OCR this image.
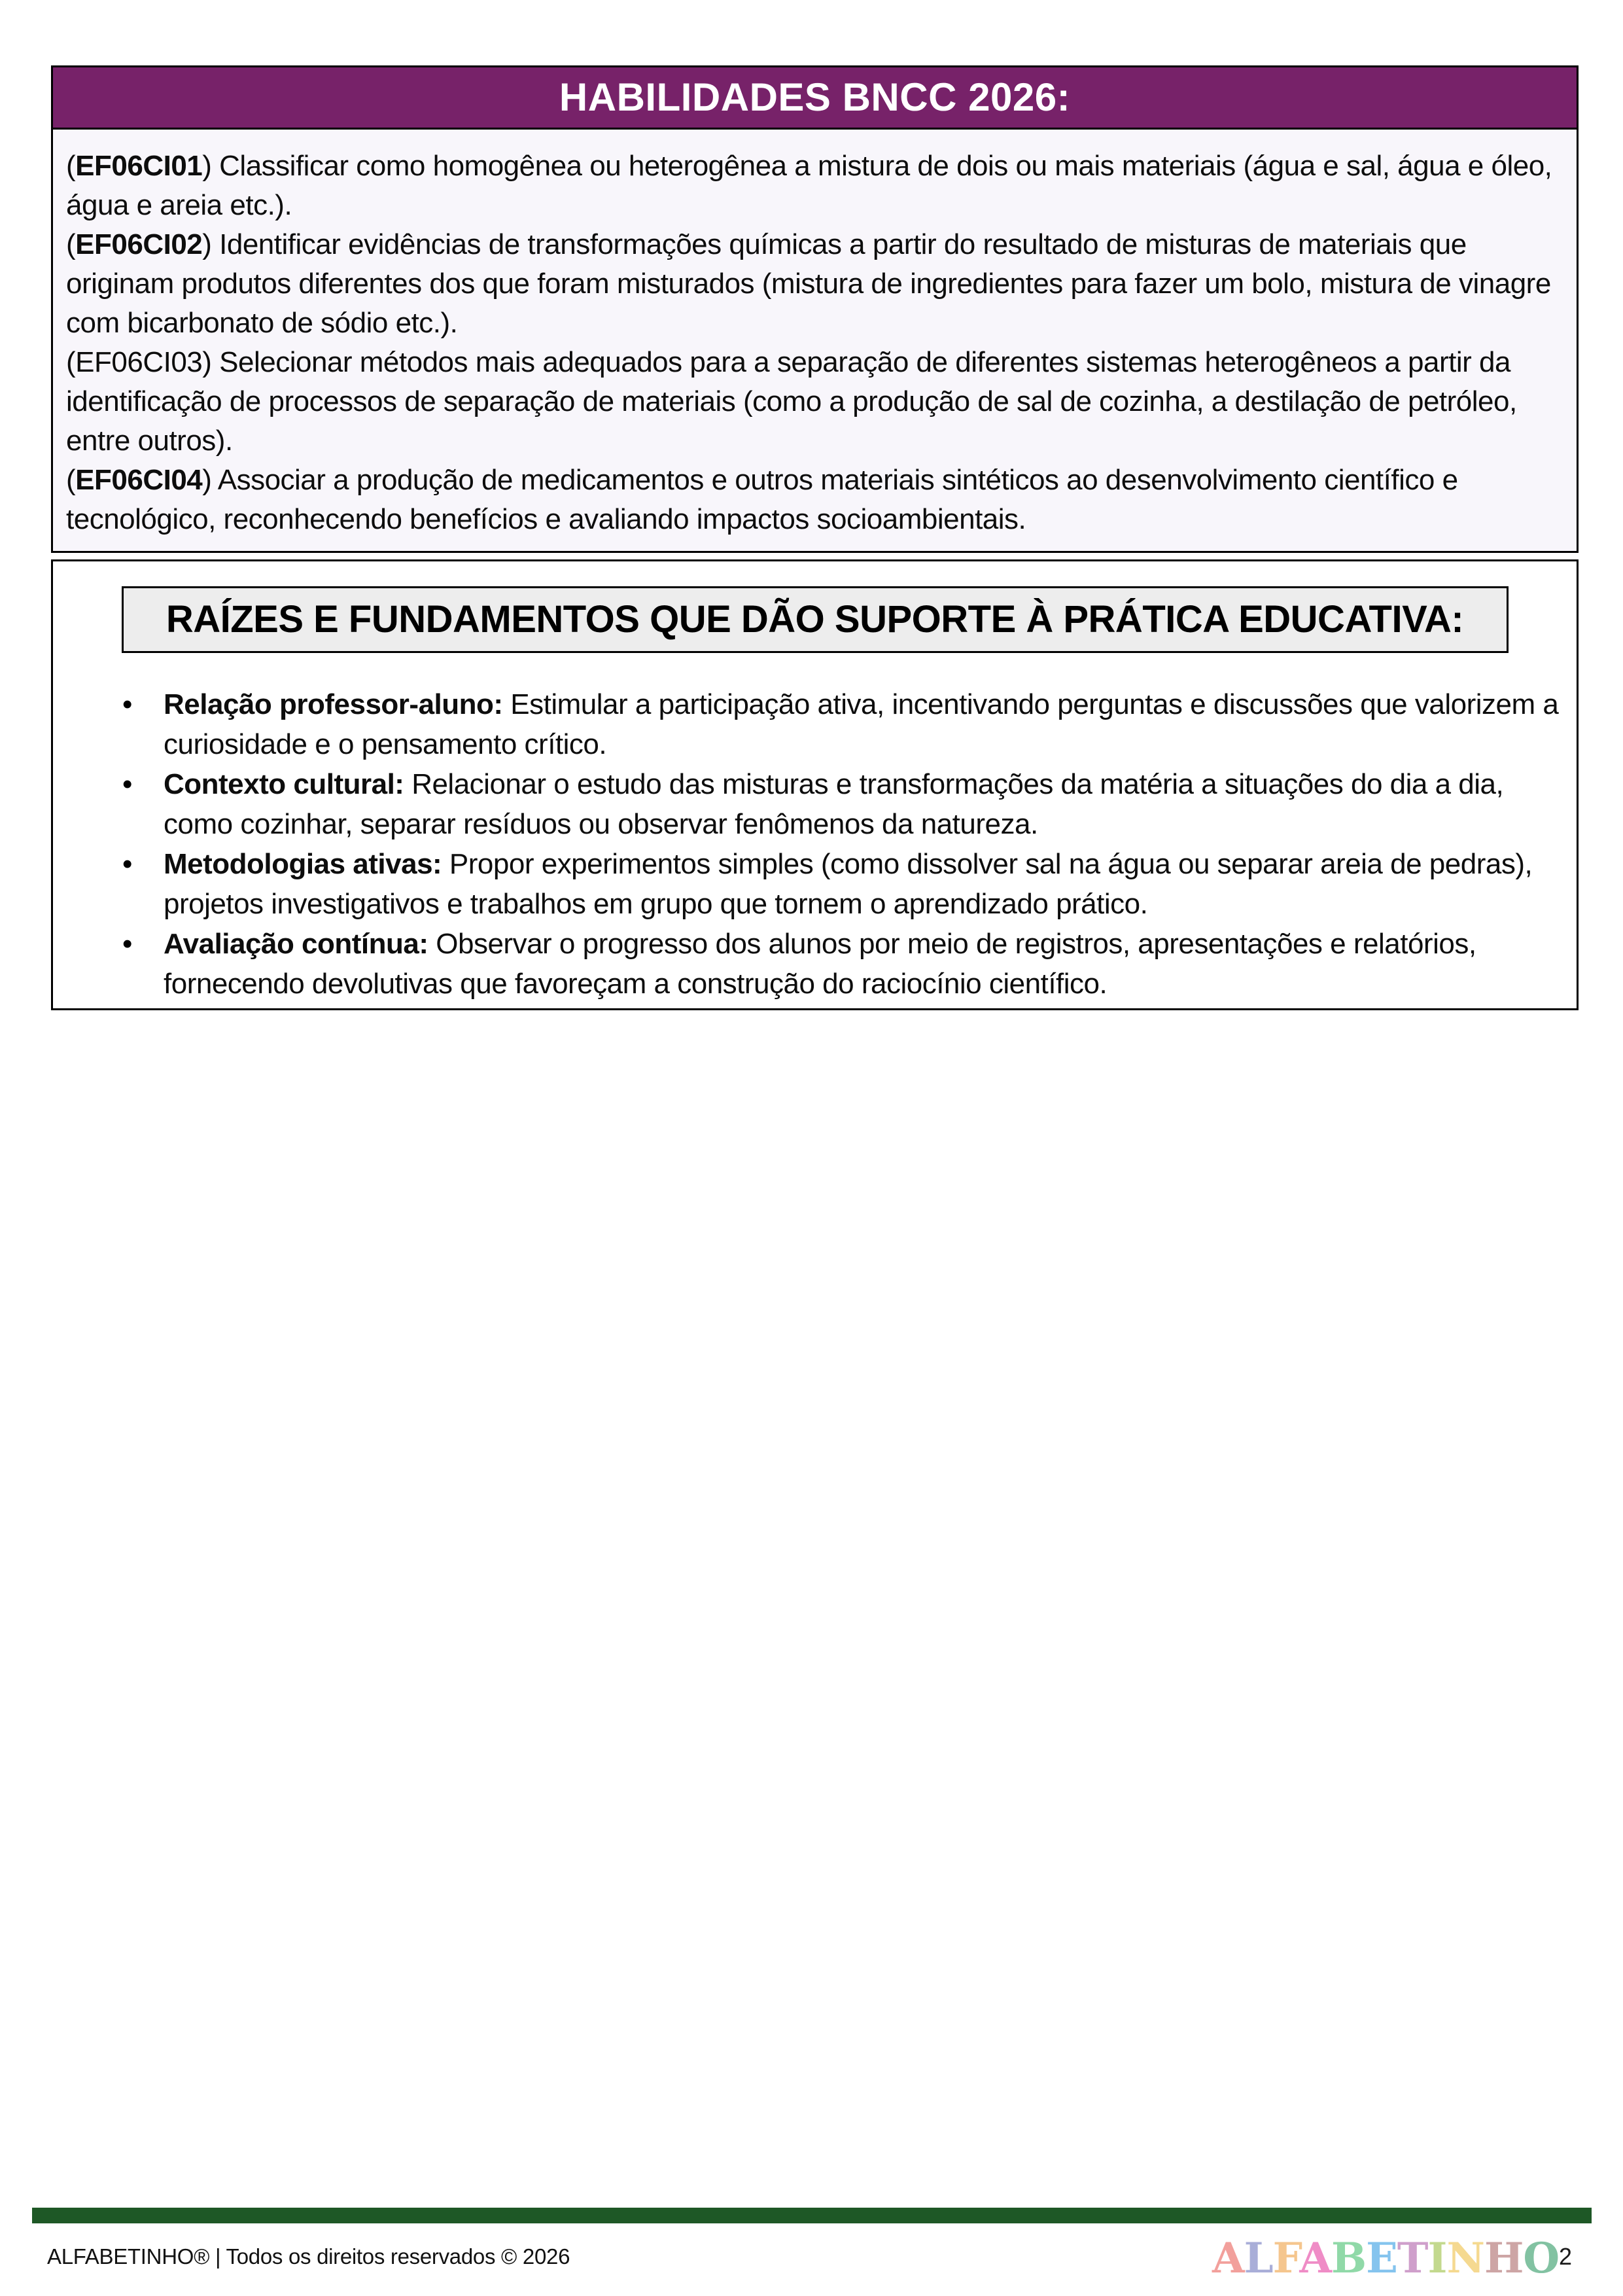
HABILIDADES BNCC 2026:

(EF06CI01) Classificar como homogênea ou heterogênea a mistura de dois ou mais materiais (água e sal, água e óleo, água e areia etc.).

(EF06CI02) Identificar evidências de transformações químicas a partir do resultado de misturas de materiais que originam produtos diferentes dos que foram misturados (mistura de ingredientes para fazer um bolo, mistura de vinagre com bicarbonato de sódio etc.).

(EF06CI03) Selecionar métodos mais adequados para a separação de diferentes sistemas heterogêneos a partir da identificação de processos de separação de materiais (como a produção de sal de cozinha, a destilação de petróleo, entre outros).

(EF06CI04) Associar a produção de medicamentos e outros materiais sintéticos ao desenvolvimento científico e tecnológico, reconhecendo benefícios e avaliando impactos socioambientais.

RAÍZES E FUNDAMENTOS QUE DÃO SUPORTE À PRÁTICA EDUCATIVA:
• Relação professor-aluno: Estimular a participação ativa, incentivando perguntas e discussões que valorizem a curiosidade e o pensamento crítico.
• Contexto cultural: Relacionar o estudo das misturas e transformações da matéria a situações do dia a dia, como cozinhar, separar resíduos ou observar fenômenos da natureza.
• Metodologias ativas: Propor experimentos simples (como dissolver sal na água ou separar areia de pedras), projetos investigativos e trabalhos em grupo que tornem o aprendizado prático.
• Avaliação contínua: Observar o progresso dos alunos por meio de registros, apresentações e relatórios, fornecendo devolutivas que favoreçam a construção do raciocínio científico.
ALFABETINHO® | Todos os direitos reservados © 2026	ALFABETINHO 2
